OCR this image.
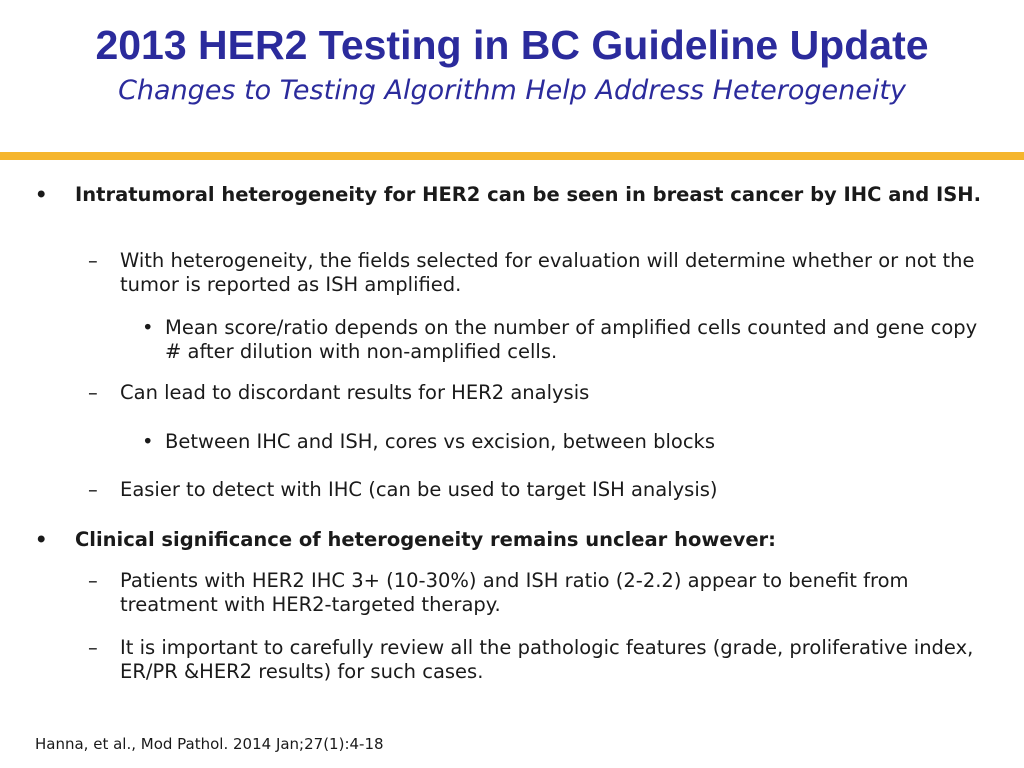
2013 HER2 Testing in BC Guideline Update
Changes to Testing Algorithm Help Address Heterogeneity
•	Intratumoral heterogeneity for HER2 can be seen in breast cancer by IHC and ISH.
–	With heterogeneity, the fields selected for evaluation will determine whether or not the tumor is reported as ISH amplified.
• Mean score/ratio depends on the number of amplified cells counted and gene copy # after dilution with non-amplified cells.
–	Can lead to discordant results for HER2 analysis
• Between IHC and ISH, cores vs excision, between blocks
–	Easier to detect with IHC (can be used to target ISH analysis)
•	Clinical significance of heterogeneity remains unclear however:
–	Patients with HER2 IHC 3+ (10-30%) and ISH ratio (2-2.2) appear to benefit from treatment with HER2-targeted therapy.
–	It is important to carefully review all the pathologic features (grade, proliferative index, ER/PR &HER2 results) for such cases.
Hanna, et al., Mod Pathol. 2014 Jan;27(1):4-18
